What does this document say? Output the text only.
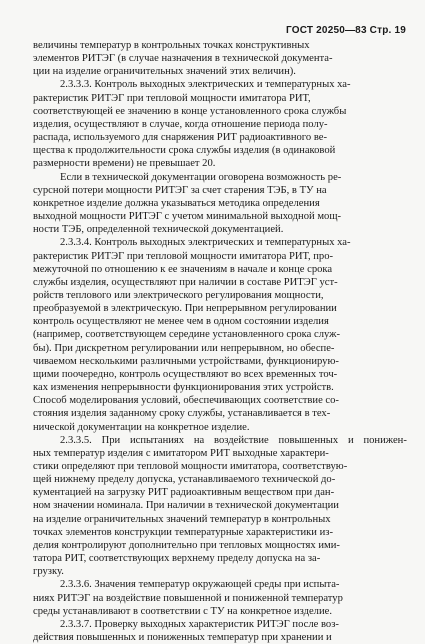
ГОСТ 20250—83 Стр. 19

величины температур в контрольных точках конструктивных
элементов РИТЭГ (в случае назначения в технической документа-
ции на изделие ограничительных значений этих величин).

2.3.3.3. Контроль выходных электрических и температурных ха-
рактеристик РИТЭГ при тепловой мощности имитатора РИТ,
соответствующей ее значению в конце установленного срока службы
изделия, осуществляют в случае, когда отношение периода полу-
распада, используемого для снаряжения РИТ радиоактивного ве-
щества к продолжительности срока службы изделия (в одинаковой
размерности времени) не превышает 20.

Если в технической документации оговорена возможность ре-
сурсной потери мощности РИТЭГ за счет старения ТЭБ, в ТУ на
конкретное изделие должна указываться методика определения
выходной мощности РИТЭГ с учетом минимальной выходной мощ-
ности ТЭБ, определенной технической документацией.

2.3.3.4. Контроль выходных электрических и температурных ха-
рактеристик РИТЭГ при тепловой мощности имитатора РИТ, про-
межуточной по отношению к ее значениям в начале и конце срока
службы изделия, осуществляют при наличии в составе РИТЭГ уст-
ройств теплового или электрического регулирования мощности,
преобразуемой в электрическую. При непрерывном регулировании
контроль осуществляют не менее чем в одном состоянии изделия
(например, соответствующем середине установленного срока служ-
бы). При дискретном регулировании или непрерывном, но обеспе-
чиваемом несколькими различными устройствами, функционирую-
щими поочередно, контроль осуществляют во всех временных точ-
ках изменения непрерывности функционирования этих устройств.
Способ моделирования условий, обеспечивающих соответствие со-
стояния изделия заданному сроку службы, устанавливается в тех-
нической документации на конкретное изделие.

2.3.3.5. При испытаниях на воздействие повышенных и понижен-
ных температур изделия с имитатором РИТ выходные характери-
стики определяют при тепловой мощности имитатора, соответствую-
щей нижнему пределу допуска, устанавливаемого технической до-
кументацией на загрузку РИТ радиоактивным веществом при дан-
ном значении номинала. При наличии в технической документации
на изделие ограничительных значений температур в контрольных
точках элементов конструкции температурные характеристики из-
делия контролируют дополнительно при тепловых мощностях ими-
татора РИТ, соответствующих верхнему пределу допуска на за-
грузку.

2.3.3.6. Значения температур окружающей среды при испыта-
ниях РИТЭГ на воздействие повышенной и пониженной температур
среды устанавливают в соответствии с ТУ на конкретное изделие.

2.3.3.7. Проверку выходных характеристик РИТЭГ после воз-
действия повышенных и пониженных температур при хранении и
